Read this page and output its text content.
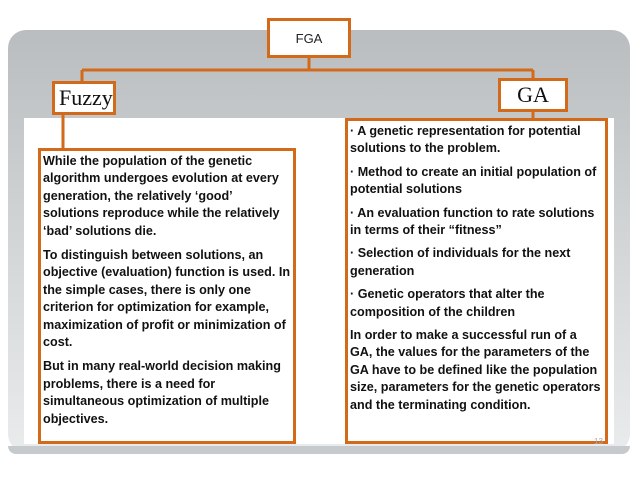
FGA
Fuzzy	GA

While the population of the genetic algorithm undergoes evolution at every generation, the relatively ‘good’ solutions reproduce while the relatively ‘bad’ solutions die.

To distinguish between solutions, an objective (evaluation) function is used. In the simple cases, there is only one criterion for optimization for example, maximization of profit or minimization of cost.

But in many real-world decision making problems, there is a need for simultaneous optimization of multiple objectives.

· A genetic representation for potential solutions to the problem.

· Method to create an initial population of potential solutions

· An evaluation function to rate solutions in terms of their “fitness”

· Selection of individuals for the next generation

· Genetic operators that alter the composition of the children

In order to make a successful run of a GA, the values for the parameters of the GA have to be defined like the population size, parameters for the genetic operators and the terminating condition.

13
